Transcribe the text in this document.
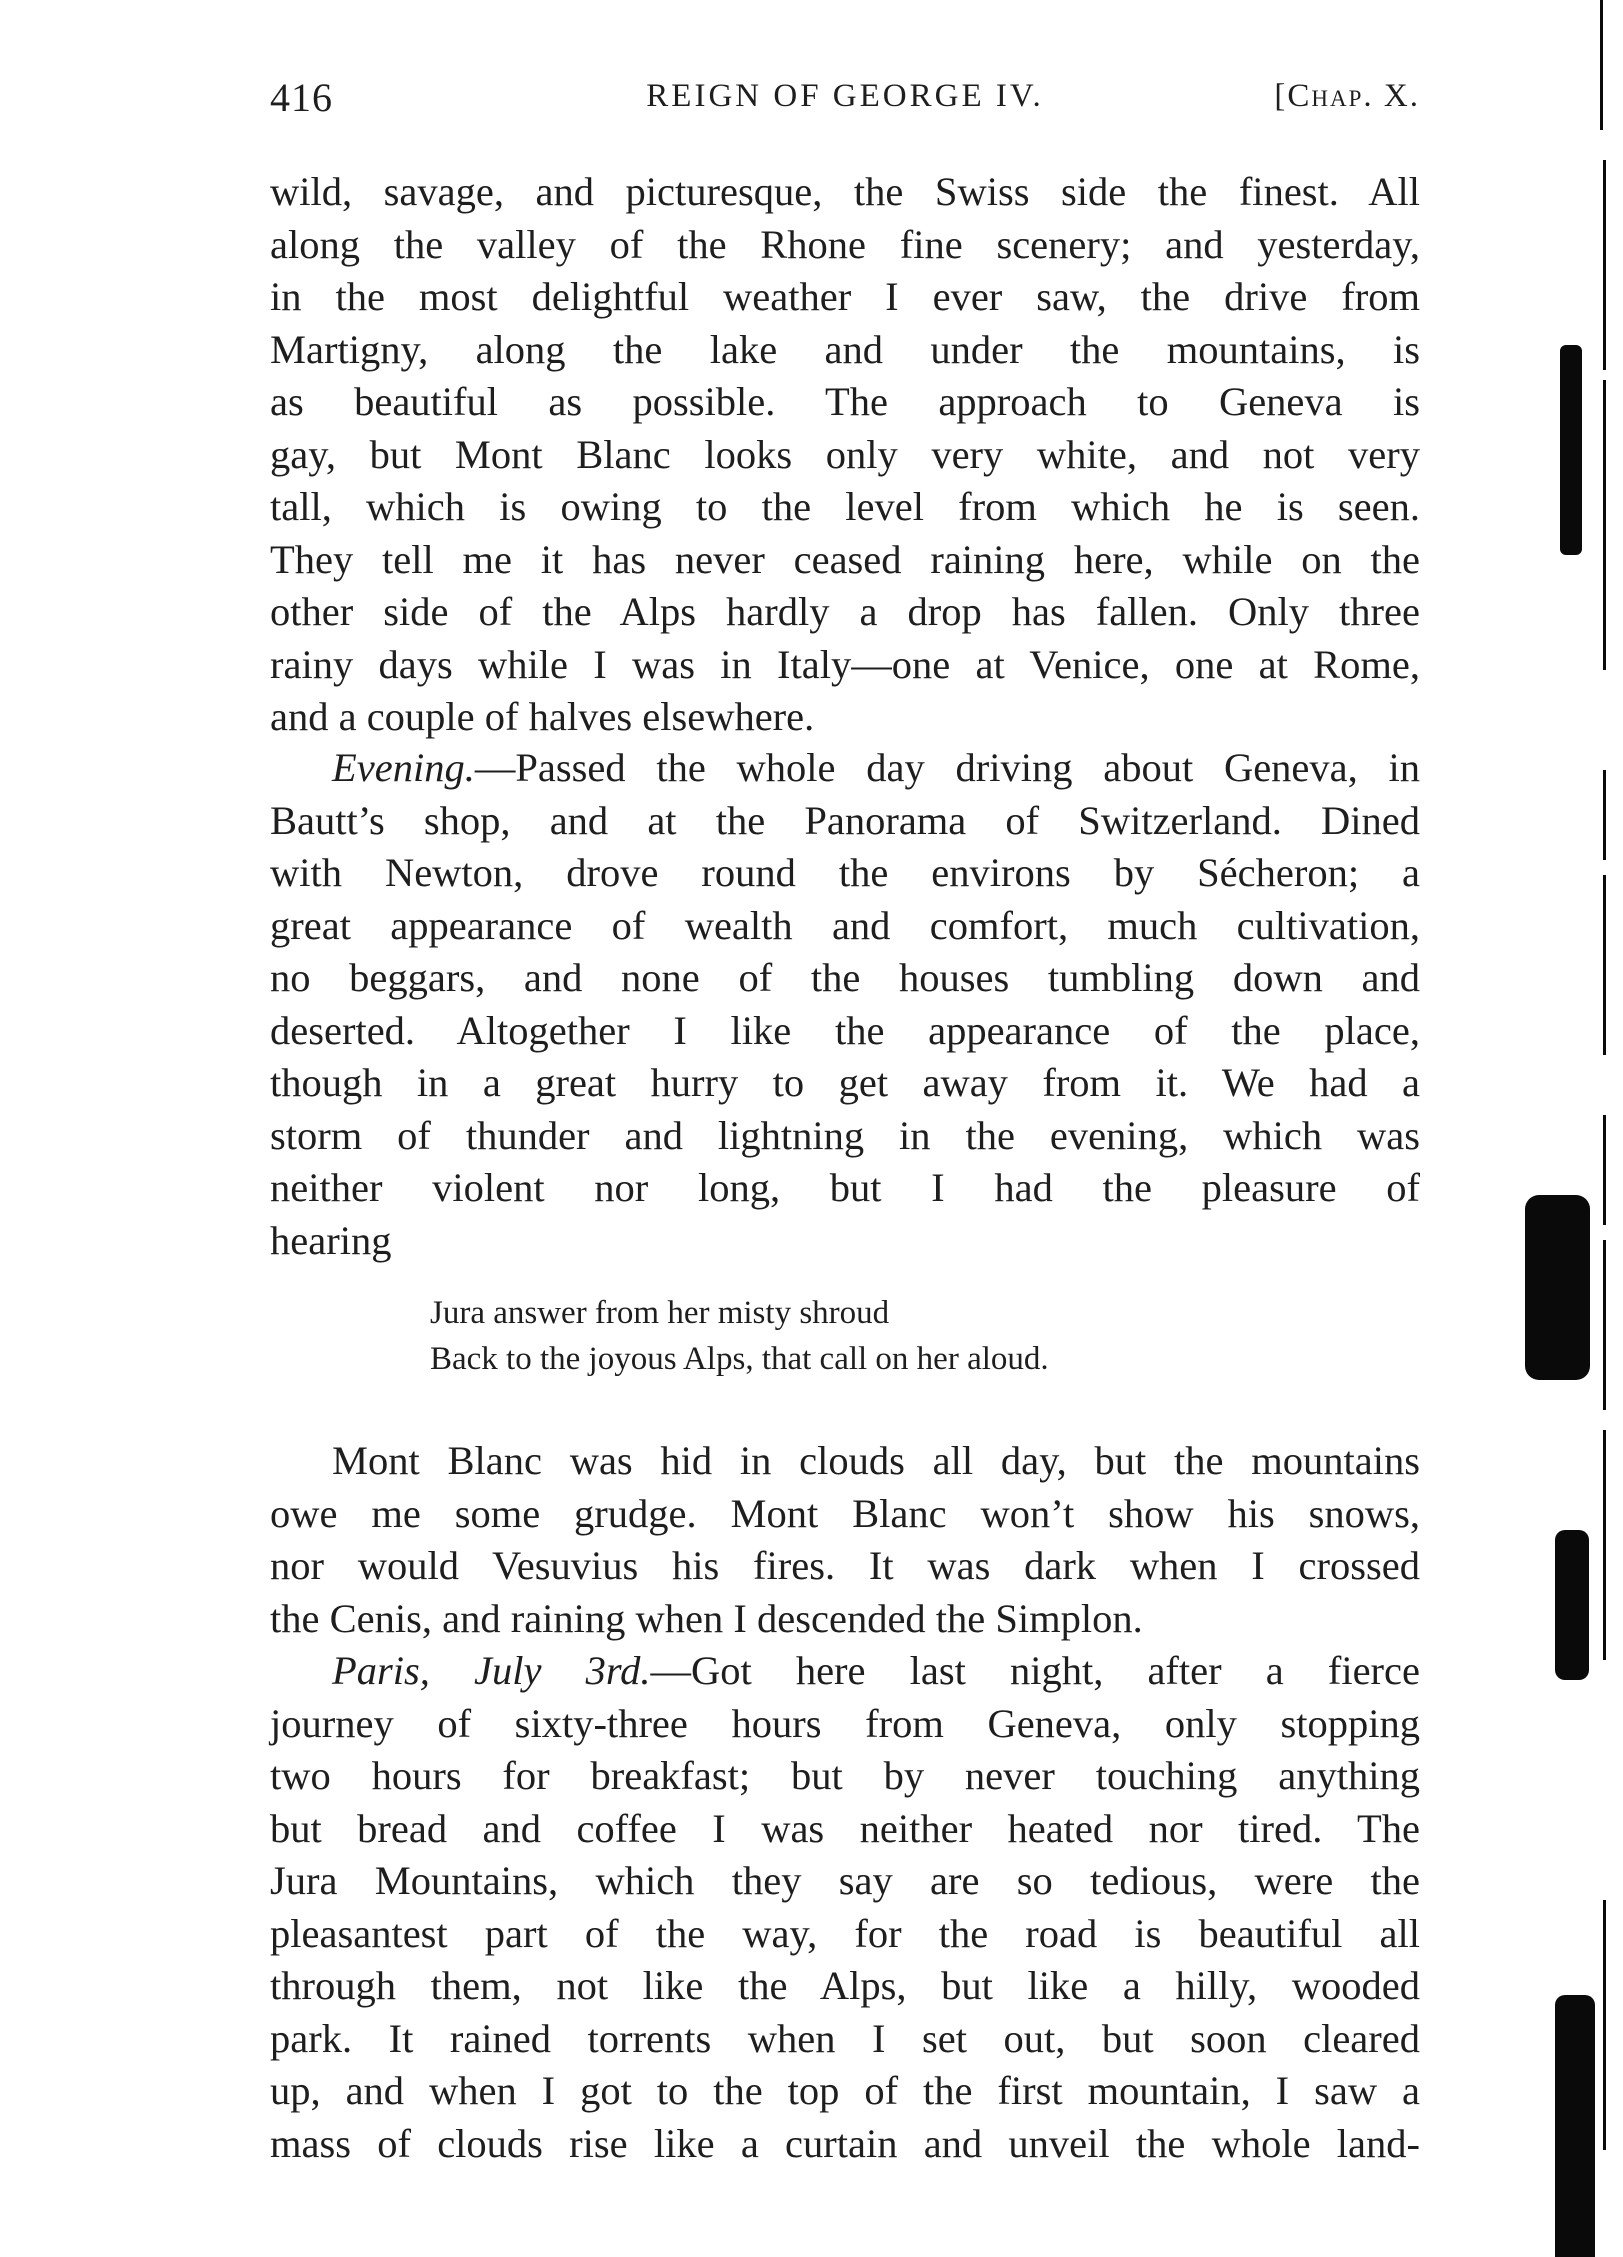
416	REIGN OF GEORGE IV.	[Chap. X.
wild, savage, and picturesque, the Swiss side the finest. All
along the valley of the Rhone fine scenery; and yesterday,
in the most delightful weather I ever saw, the drive from
Martigny, along the lake and under the mountains, is
as beautiful as possible. The approach to Geneva is
gay, but Mont Blanc looks only very white, and not very
tall, which is owing to the level from which he is seen.
They tell me it has never ceased raining here, while on the
other side of the Alps hardly a drop has fallen. Only three
rainy days while I was in Italy—one at Venice, one at Rome,
and a couple of halves elsewhere.
Evening.—Passed the whole day driving about Geneva, in
Bautt’s shop, and at the Panorama of Switzerland. Dined
with Newton, drove round the environs by Sécheron; a
great appearance of wealth and comfort, much cultivation,
no beggars, and none of the houses tumbling down and
deserted. Altogether I like the appearance of the place,
though in a great hurry to get away from it. We had a
storm of thunder and lightning in the evening, which was
neither violent nor long, but I had the pleasure of
hearing
Jura answer from her misty shroud
Back to the joyous Alps, that call on her aloud.
Mont Blanc was hid in clouds all day, but the mountains
owe me some grudge. Mont Blanc won’t show his snows,
nor would Vesuvius his fires. It was dark when I crossed
the Cenis, and raining when I descended the Simplon.
Paris, July 3rd.—Got here last night, after a fierce
journey of sixty-three hours from Geneva, only stopping
two hours for breakfast; but by never touching anything
but bread and coffee I was neither heated nor tired. The
Jura Mountains, which they say are so tedious, were the
pleasantest part of the way, for the road is beautiful all
through them, not like the Alps, but like a hilly, wooded
park. It rained torrents when I set out, but soon cleared
up, and when I got to the top of the first mountain, I saw a
mass of clouds rise like a curtain and unveil the whole land-
